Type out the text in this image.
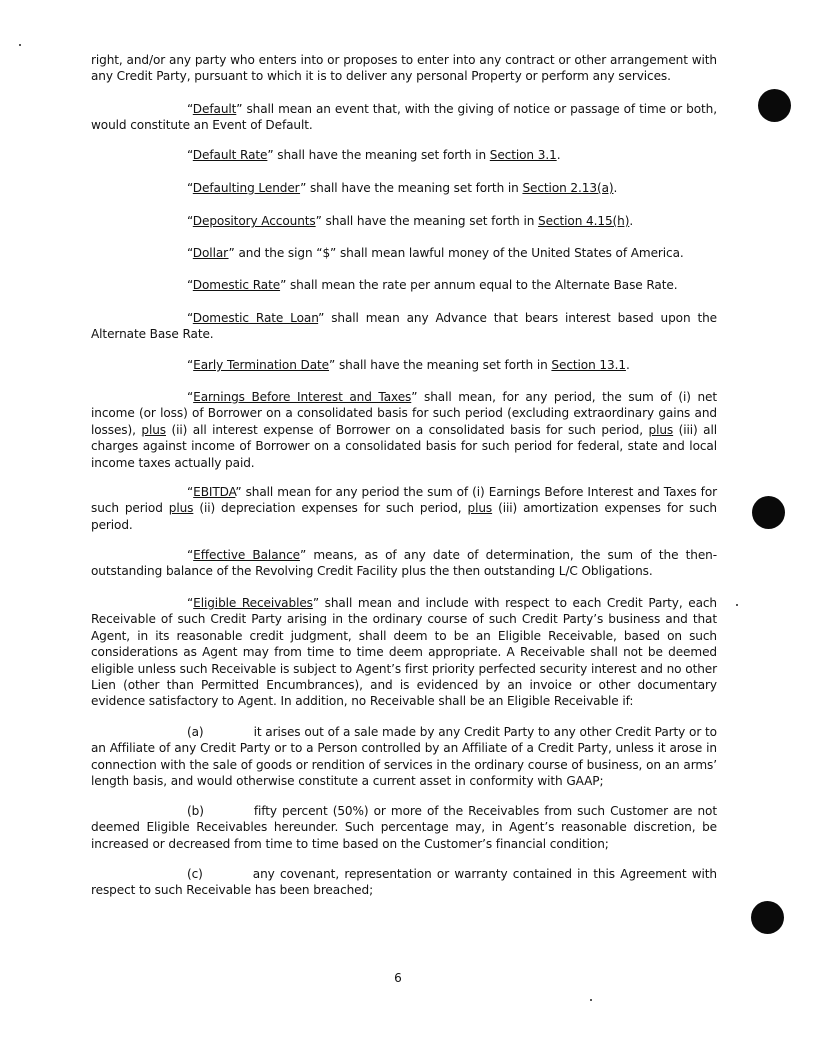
right, and/or any party who enters into or proposes to enter into any contract or other arrangement with any Credit Party, pursuant to which it is to deliver any personal Property or perform any services.

“Default” shall mean an event that, with the giving of notice or passage of time or both, would constitute an Event of Default.

“Default Rate” shall have the meaning set forth in Section 3.1.

“Defaulting Lender” shall have the meaning set forth in Section 2.13(a).

“Depository Accounts” shall have the meaning set forth in Section 4.15(h).

“Dollar” and the sign “$” shall mean lawful money of the United States of America.

“Domestic Rate” shall mean the rate per annum equal to the Alternate Base Rate.

“Domestic Rate Loan” shall mean any Advance that bears interest based upon the Alternate Base Rate.

“Early Termination Date” shall have the meaning set forth in Section 13.1.

“Earnings Before Interest and Taxes” shall mean, for any period, the sum of (i) net income (or loss) of Borrower on a consolidated basis for such period (excluding extraordinary gains and losses), plus (ii) all interest expense of Borrower on a consolidated basis for such period, plus (iii) all charges against income of Borrower on a consolidated basis for such period for federal, state and local income taxes actually paid.

“EBITDA” shall mean for any period the sum of (i) Earnings Before Interest and Taxes for such period plus (ii) depreciation expenses for such period, plus (iii) amortization expenses for such period.

“Effective Balance” means, as of any date of determination, the sum of the then-outstanding balance of the Revolving Credit Facility plus the then outstanding L/C Obligations.

“Eligible Receivables” shall mean and include with respect to each Credit Party, each Receivable of such Credit Party arising in the ordinary course of such Credit Party’s business and that Agent, in its reasonable credit judgment, shall deem to be an Eligible Receivable, based on such considerations as Agent may from time to time deem appropriate. A Receivable shall not be deemed eligible unless such Receivable is subject to Agent’s first priority perfected security interest and no other Lien (other than Permitted Encumbrances), and is evidenced by an invoice or other documentary evidence satisfactory to Agent. In addition, no Receivable shall be an Eligible Receivable if:

(a)	it arises out of a sale made by any Credit Party to any other Credit Party or to an Affiliate of any Credit Party or to a Person controlled by an Affiliate of a Credit Party, unless it arose in connection with the sale of goods or rendition of services in the ordinary course of business, on an arms’ length basis, and would otherwise constitute a current asset in conformity with GAAP;

(b)	fifty percent (50%) or more of the Receivables from such Customer are not deemed Eligible Receivables hereunder. Such percentage may, in Agent’s reasonable discretion, be increased or decreased from time to time based on the Customer’s financial condition;

(c)	any covenant, representation or warranty contained in this Agreement with respect to such Receivable has been breached;

6
